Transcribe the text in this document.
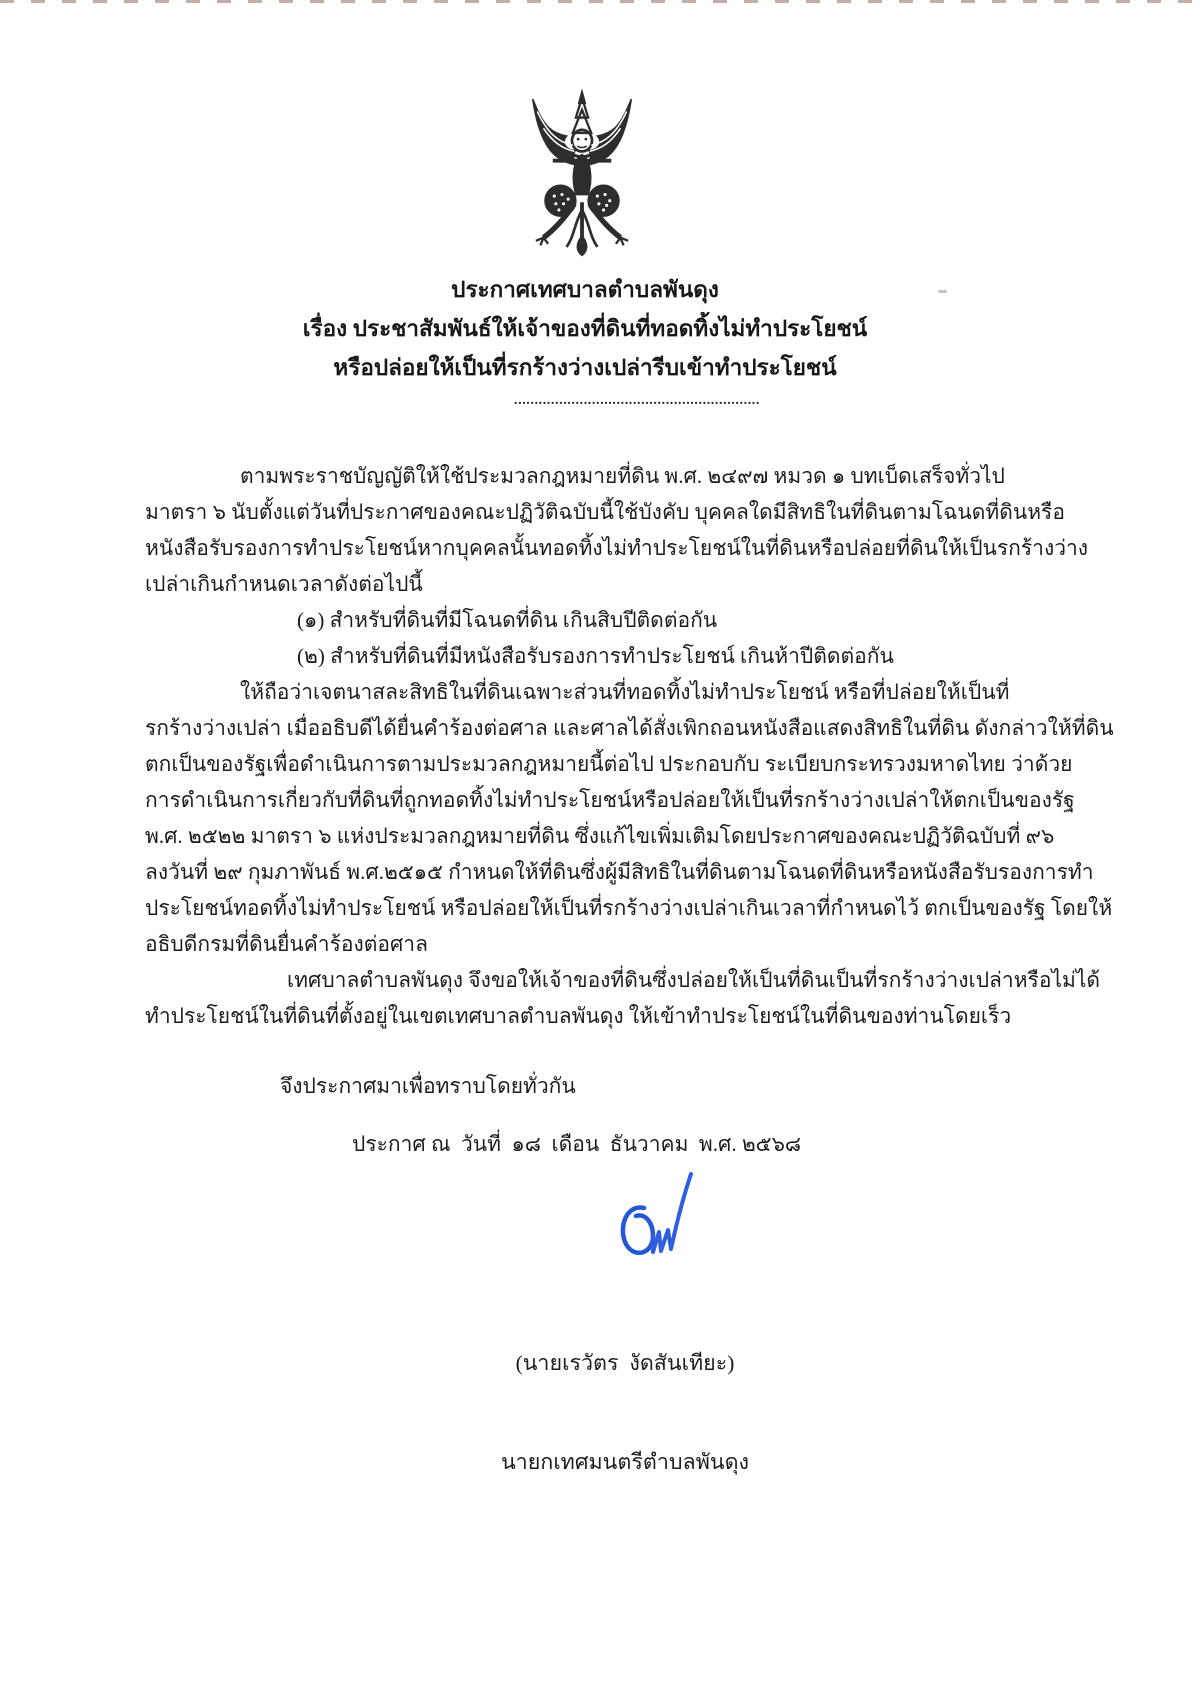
ประกาศเทศบาลตำบลพันดุง
เรื่อง ประชาสัมพันธ์ให้เจ้าของที่ดินที่ทอดทิ้งไม่ทำประโยชน์
หรือปล่อยให้เป็นที่รกร้างว่างเปล่ารีบเข้าทำประโยชน์
............................................................
ตามพระราชบัญญัติให้ใช้ประมวลกฎหมายที่ดิน พ.ศ. ๒๔๙๗ หมวด ๑ บทเบ็ดเสร็จทั่วไป
มาตรา ๖ นับตั้งแต่วันที่ประกาศของคณะปฏิวัติฉบับนี้ใช้บังคับ บุคคลใดมีสิทธิในที่ดินตามโฉนดที่ดินหรือ
หนังสือรับรองการทำประโยชน์หากบุคคลนั้นทอดทิ้งไม่ทำประโยชน์ในที่ดินหรือปล่อยที่ดินให้เป็นรกร้างว่าง
เปล่าเกินกำหนดเวลาดังต่อไปนี้
(๑) สำหรับที่ดินที่มีโฉนดที่ดิน เกินสิบปีติดต่อกัน
(๒) สำหรับที่ดินที่มีหนังสือรับรองการทำประโยชน์ เกินห้าปีติดต่อกัน
ให้ถือว่าเจตนาสละสิทธิในที่ดินเฉพาะส่วนที่ทอดทิ้งไม่ทำประโยชน์ หรือที่ปล่อยให้เป็นที่
รกร้างว่างเปล่า เมื่ออธิบดีได้ยื่นคำร้องต่อศาล และศาลได้สั่งเพิกถอนหนังสือแสดงสิทธิในที่ดิน ดังกล่าวให้ที่ดิน
ตกเป็นของรัฐเพื่อดำเนินการตามประมวลกฎหมายนี้ต่อไป ประกอบกับ ระเบียบกระทรวงมหาดไทย ว่าด้วย
การดำเนินการเกี่ยวกับที่ดินที่ถูกทอดทิ้งไม่ทำประโยชน์หรือปล่อยให้เป็นที่รกร้างว่างเปล่าให้ตกเป็นของรัฐ
พ.ศ. ๒๕๒๒ มาตรา ๖ แห่งประมวลกฎหมายที่ดิน ซึ่งแก้ไขเพิ่มเติมโดยประกาศของคณะปฏิวัติฉบับที่ ๙๖
ลงวันที่ ๒๙ กุมภาพันธ์ พ.ศ.๒๕๑๕ กำหนดให้ที่ดินซึ่งผู้มีสิทธิในที่ดินตามโฉนดที่ดินหรือหนังสือรับรองการทำ
ประโยชน์ทอดทิ้งไม่ทำประโยชน์ หรือปล่อยให้เป็นที่รกร้างว่างเปล่าเกินเวลาที่กำหนดไว้ ตกเป็นของรัฐ โดยให้
อธิบดีกรมที่ดินยื่นคำร้องต่อศาล
เทศบาลตำบลพันดุง จึงขอให้เจ้าของที่ดินซึ่งปล่อยให้เป็นที่ดินเป็นที่รกร้างว่างเปล่าหรือไม่ได้
ทำประโยชน์ในที่ดินที่ตั้งอยู่ในเขตเทศบาลตำบลพันดุง ให้เข้าทำประโยชน์ในที่ดินของท่านโดยเร็ว
จึงประกาศมาเพื่อทราบโดยทั่วกัน
ประกาศ ณ  วันที่  ๑๘  เดือน  ธันวาคม  พ.ศ. ๒๕๖๘

(นายเรวัตร  งัดสันเทียะ)

นายกเทศมนตรีตำบลพันดุง
